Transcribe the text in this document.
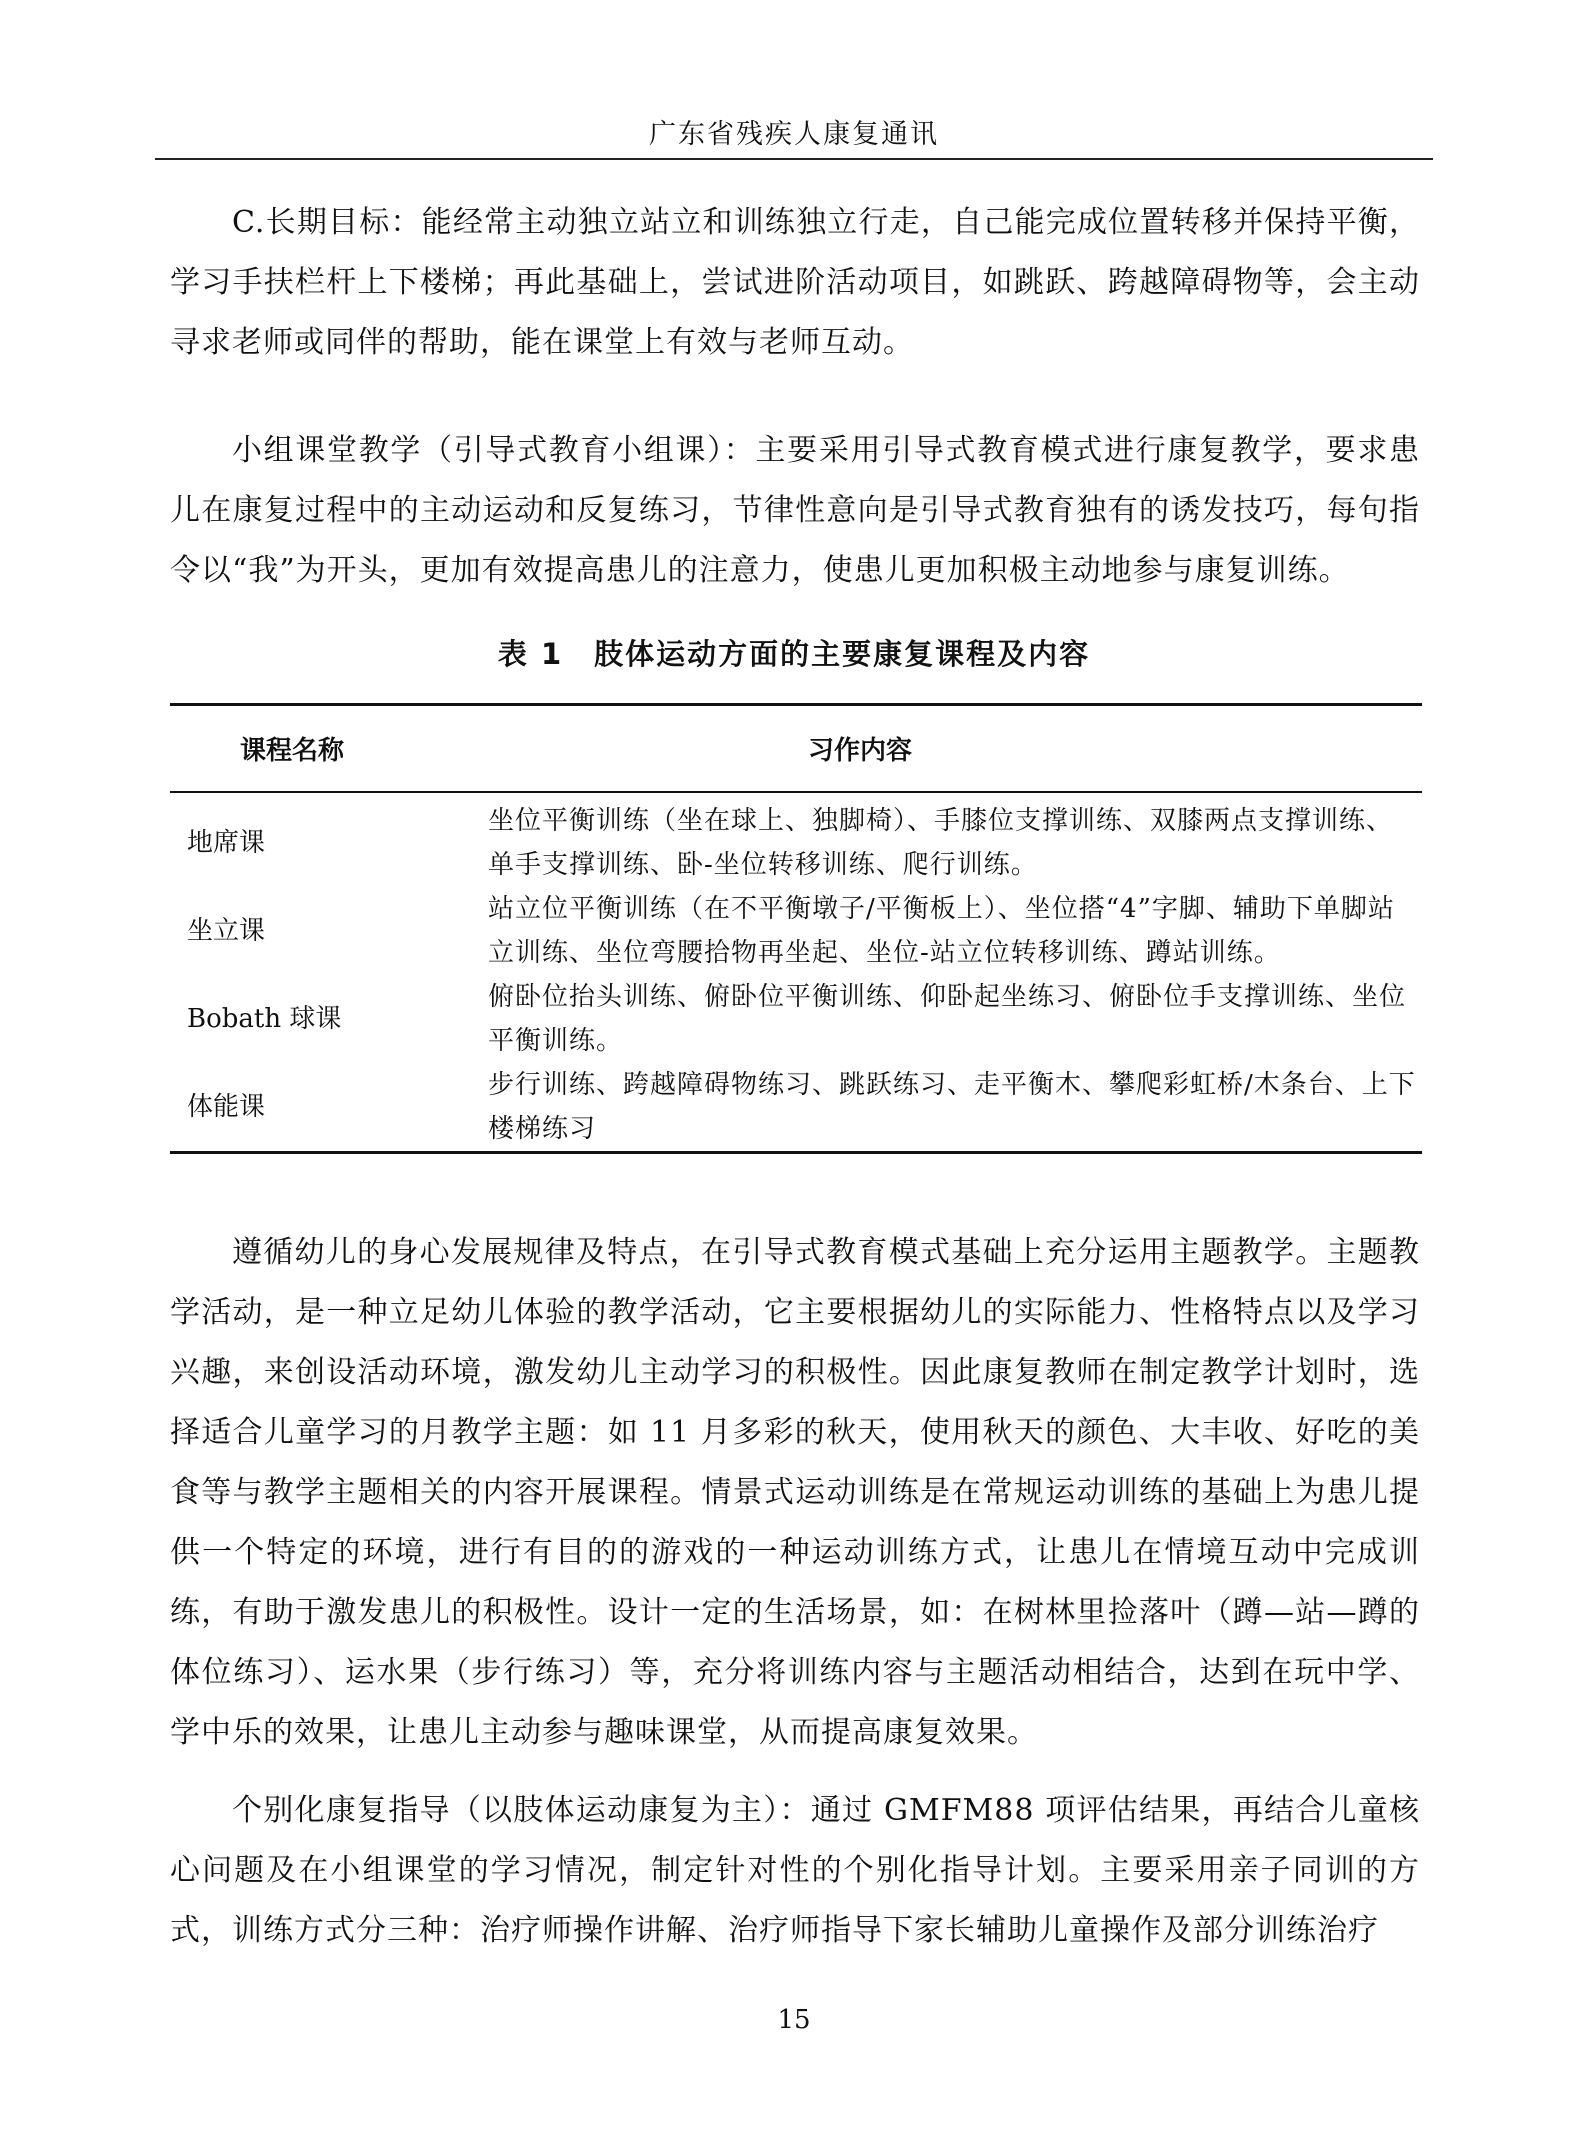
广东省残疾人康复通讯

C.长期目标：能经常主动独立站立和训练独立行走，自己能完成位置转移并保持平衡，学习手扶栏杆上下楼梯；再此基础上，尝试进阶活动项目，如跳跃、跨越障碍物等，会主动寻求老师或同伴的帮助，能在课堂上有效与老师互动。

小组课堂教学（引导式教育小组课）：主要采用引导式教育模式进行康复教学，要求患儿在康复过程中的主动运动和反复练习，节律性意向是引导式教育独有的诱发技巧，每句指令以“我”为开头，更加有效提高患儿的注意力，使患儿更加积极主动地参与康复训练。

表 1　肢体运动方面的主要康复课程及内容
课程名称	习作内容
地席课	坐位平衡训练（坐在球上、独脚椅）、手膝位支撑训练、双膝两点支撑训练、单手支撑训练、卧-坐位转移训练、爬行训练。
坐立课	站立位平衡训练（在不平衡墩子/平衡板上）、坐位搭“4”字脚、辅助下单脚站立训练、坐位弯腰拾物再坐起、坐位-站立位转移训练、蹲站训练。
Bobath 球课	俯卧位抬头训练、俯卧位平衡训练、仰卧起坐练习、俯卧位手支撑训练、坐位平衡训练。
体能课	步行训练、跨越障碍物练习、跳跃练习、走平衡木、攀爬彩虹桥/木条台、上下楼梯练习

遵循幼儿的身心发展规律及特点，在引导式教育模式基础上充分运用主题教学。主题教学活动，是一种立足幼儿体验的教学活动，它主要根据幼儿的实际能力、性格特点以及学习兴趣，来创设活动环境，激发幼儿主动学习的积极性。因此康复教师在制定教学计划时，选择适合儿童学习的月教学主题：如 11 月多彩的秋天，使用秋天的颜色、大丰收、好吃的美食等与教学主题相关的内容开展课程。情景式运动训练是在常规运动训练的基础上为患儿提供一个特定的环境，进行有目的的游戏的一种运动训练方式，让患儿在情境互动中完成训练，有助于激发患儿的积极性。设计一定的生活场景，如：在树林里捡落叶（蹲—站—蹲的体位练习）、运水果（步行练习）等，充分将训练内容与主题活动相结合，达到在玩中学、学中乐的效果，让患儿主动参与趣味课堂，从而提高康复效果。

个别化康复指导（以肢体运动康复为主）：通过 GMFM88 项评估结果，再结合儿童核心问题及在小组课堂的学习情况，制定针对性的个别化指导计划。主要采用亲子同训的方式，训练方式分三种：治疗师操作讲解、治疗师指导下家长辅助儿童操作及部分训练治疗

15
